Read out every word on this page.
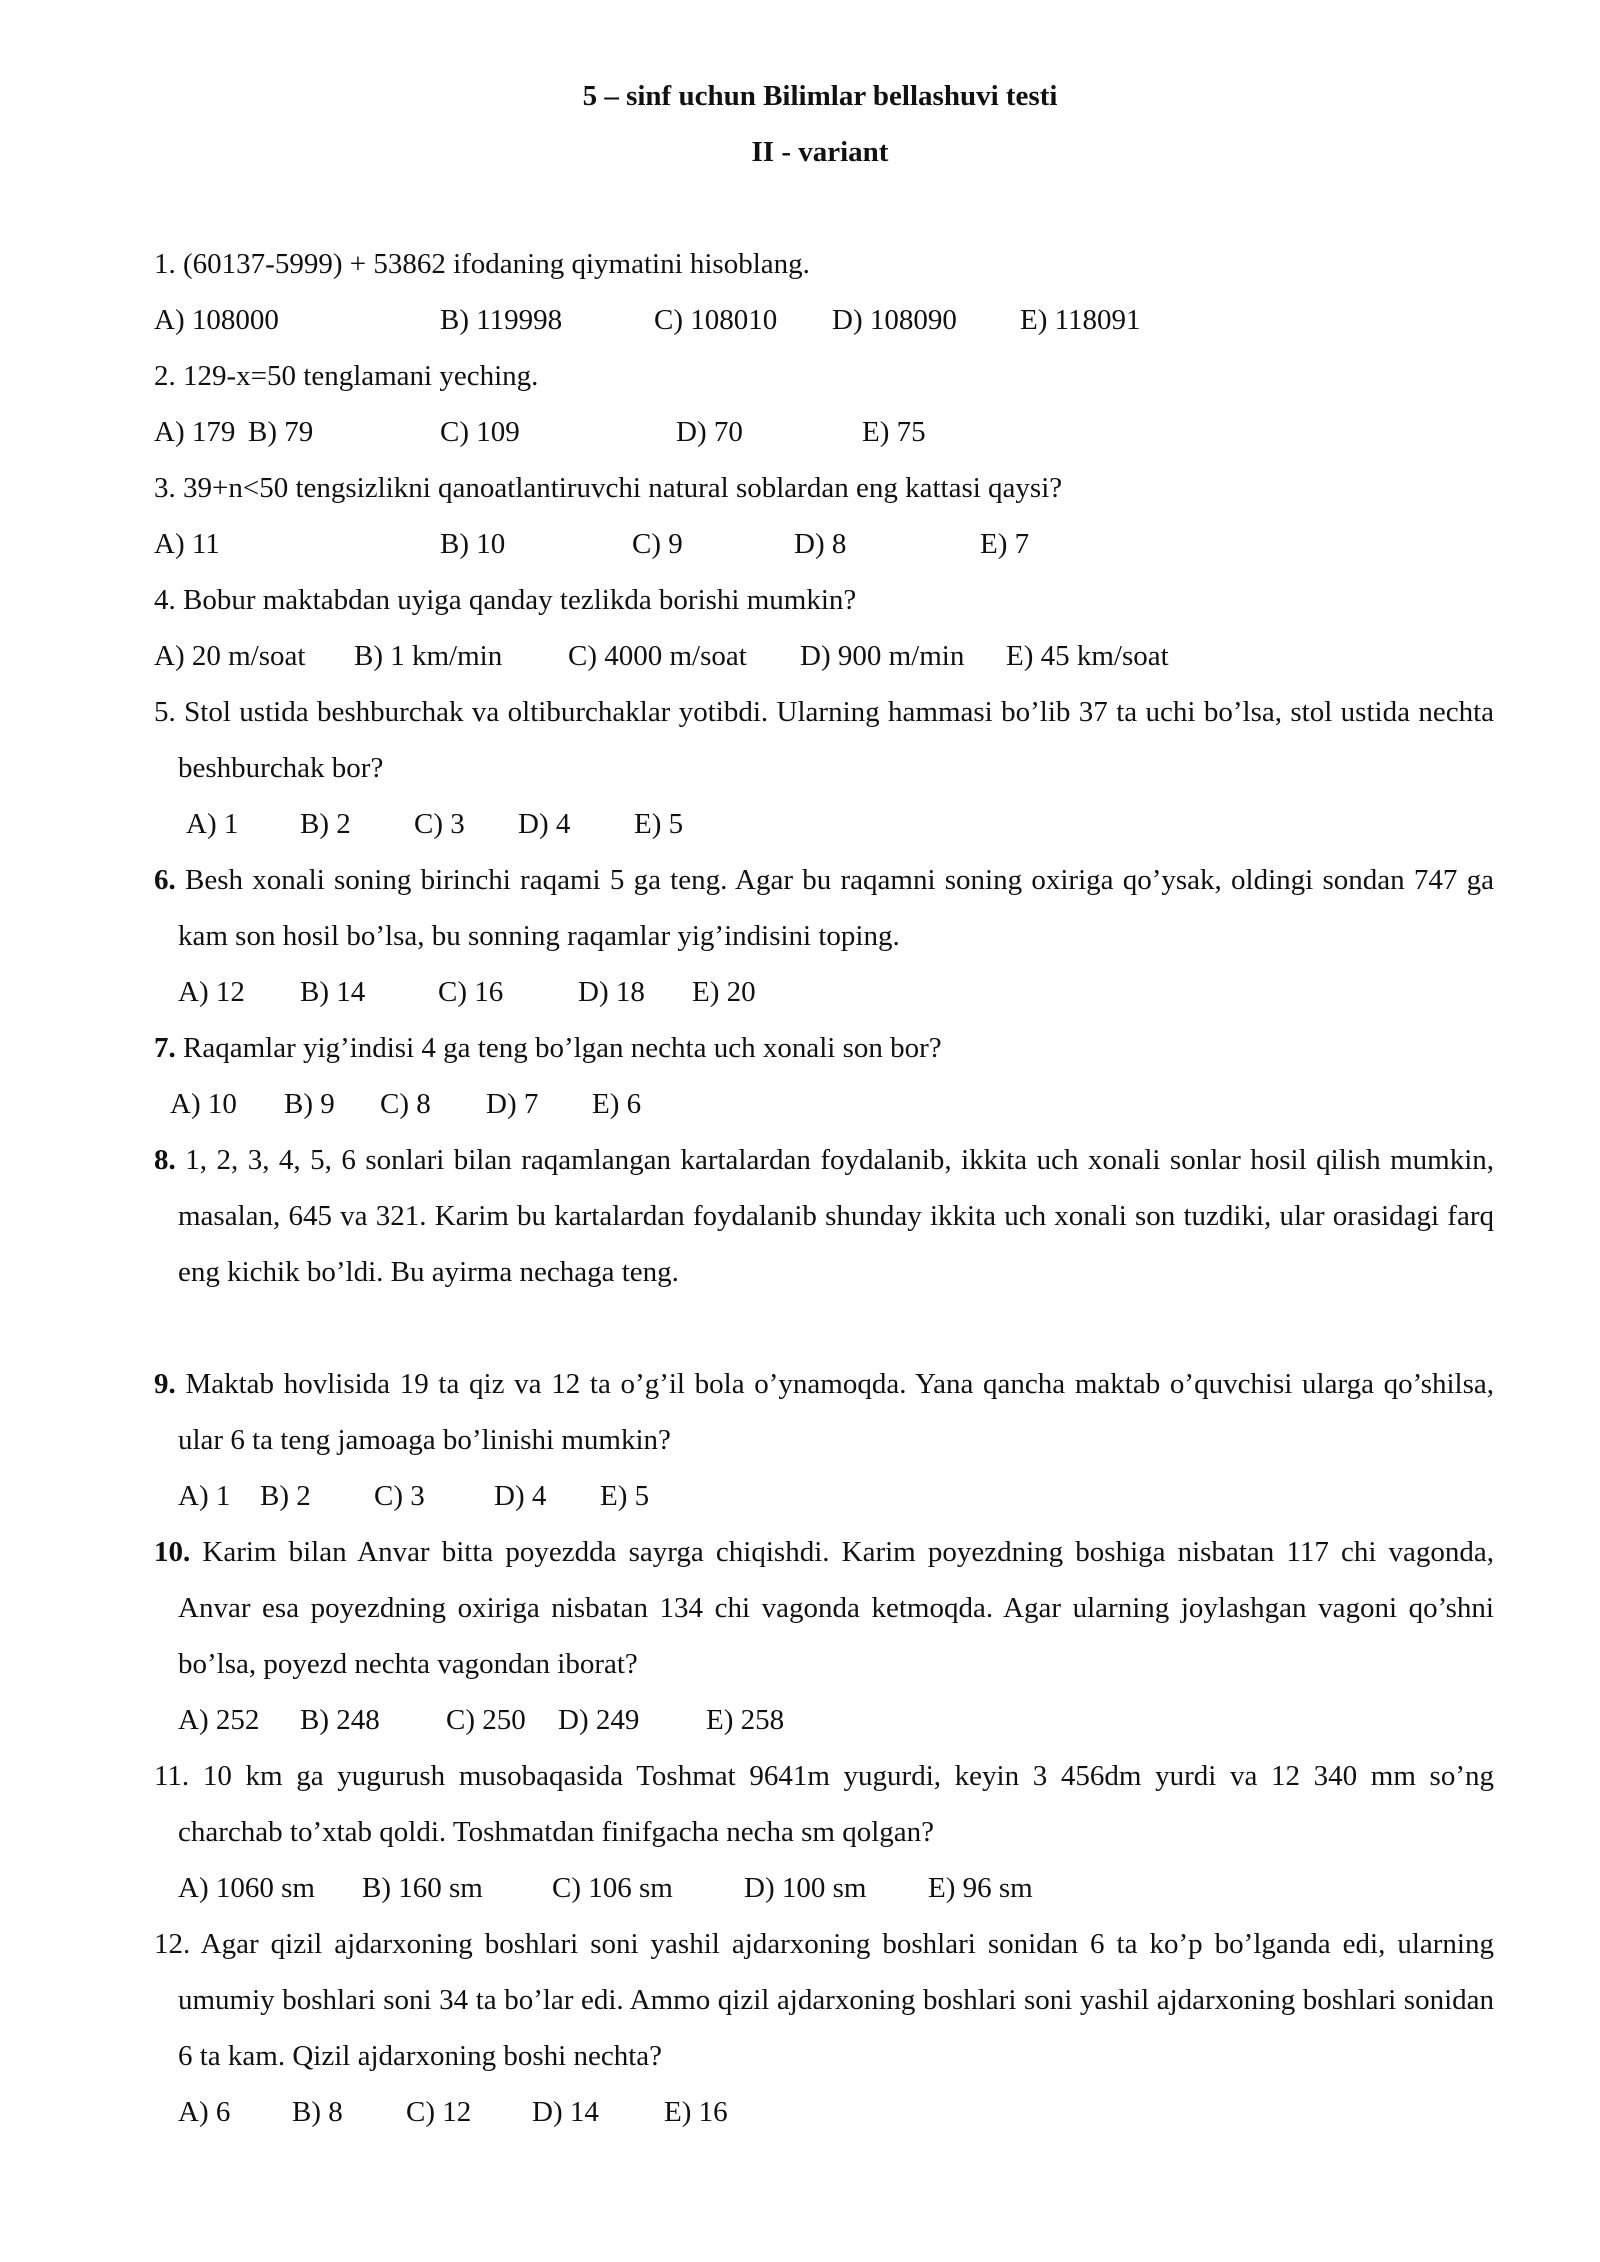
5 – sinf uchun Bilimlar bellashuvi testi
II - variant
1. (60137-5999) + 53862 ifodaning qiymatini hisoblang.
A) 108000	B) 119998	C) 108010 D) 108090 E) 118091
2. 129-x=50 tenglamani yeching.
A) 179 B) 79	C) 109	D) 70	E) 75
3. 39+n<50 tengsizlikni qanoatlantiruvchi natural soblardan eng kattasi qaysi?
A) 11	B) 10	C) 9	D) 8	E) 7
4. Bobur maktabdan uyiga qanday tezlikda borishi mumkin?
A) 20 m/soat B) 1 km/min C) 4000 m/soat D) 900 m/min E) 45 km/soat
5. Stol ustida beshburchak va oltiburchaklar yotibdi. Ularning hammasi bo’lib 37 ta uchi bo’lsa, stol ustida nechta beshburchak bor?
A) 1 B) 2 C) 3 D) 4 E) 5
6. Besh xonali soning birinchi raqami 5 ga teng. Agar bu raqamni soning oxiriga qo’ysak, oldingi sondan 747 ga kam son hosil bo’lsa, bu sonning raqamlar yig’indisini toping.
A) 12 B) 14	C) 16	D) 18 E) 20
7. Raqamlar yig’indisi 4 ga teng bo’lgan nechta uch xonali son bor?
A) 10 B) 9 C) 8 D) 7 E) 6
8. 1, 2, 3, 4, 5, 6 sonlari bilan raqamlangan kartalardan foydalanib, ikkita uch xonali sonlar hosil qilish mumkin, masalan, 645 va 321. Karim bu kartalardan foydalanib shunday ikkita uch xonali son tuzdiki, ular orasidagi farq eng kichik bo’ldi. Bu ayirma nechaga teng.
9. Maktab hovlisida 19 ta qiz va 12 ta o’g’il bola o’ynamoqda. Yana qancha maktab o’quvchisi ularga qo’shilsa, ular 6 ta teng jamoaga bo’linishi mumkin?
A) 1 B) 2 C) 3 D) 4 E) 5
10. Karim bilan Anvar bitta poyezdda sayrga chiqishdi. Karim poyezdning boshiga nisbatan 117 chi vagonda, Anvar esa poyezdning oxiriga nisbatan 134 chi vagonda ketmoqda. Agar ularning joylashgan vagoni qo’shni bo’lsa, poyezd nechta vagondan iborat?
A) 252 B) 248 C) 250 D) 249 E) 258
11. 10 km ga yugurush musobaqasida Toshmat 9641m yugurdi, keyin 3 456dm yurdi va 12 340 mm so’ng charchab to’xtab qoldi. Toshmatdan finifgacha necha sm qolgan?
A) 1060 sm B) 160 sm C) 106 sm D) 100 sm E) 96 sm
12. Agar qizil ajdarxoning boshlari soni yashil ajdarxoning boshlari sonidan 6 ta ko’p bo’lganda edi, ularning umumiy boshlari soni 34 ta bo’lar edi. Ammo qizil ajdarxoning boshlari soni yashil ajdarxoning boshlari sonidan 6 ta kam. Qizil ajdarxoning boshi nechta?
A) 6 B) 8 C) 12 D) 14 E) 16
